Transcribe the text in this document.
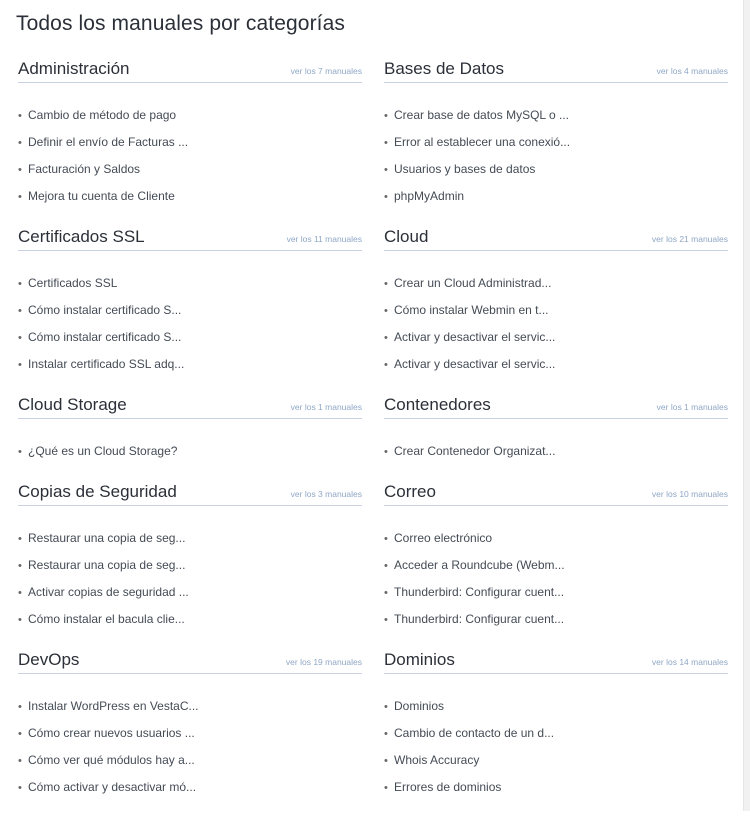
Todos los manuales por categorías
Administración	ver los 7 manuales
• Cambio de método de pago
• Definir el envío de Facturas ...
• Facturación y Saldos
• Mejora tu cuenta de Cliente
Bases de Datos	ver los 4 manuales
• Crear base de datos MySQL o ...
• Error al establecer una conexió...
• Usuarios y bases de datos
• phpMyAdmin
Certificados SSL	ver los 11 manuales
• Certificados SSL
• Cómo instalar certificado S...
• Cómo instalar certificado S...
• Instalar certificado SSL adq...
Cloud	ver los 21 manuales
• Crear un Cloud Administrad...
• Cómo instalar Webmin en t...
• Activar y desactivar el servic...
• Activar y desactivar el servic...
Cloud Storage	ver los 1 manuales
• ¿Qué es un Cloud Storage?
Contenedores	ver los 1 manuales
• Crear Contenedor Organizat...
Copias de Seguridad	ver los 3 manuales
• Restaurar una copia de seg...
• Restaurar una copia de seg...
• Activar copias de seguridad ...
• Cómo instalar el bacula clie...
Correo	ver los 10 manuales
• Correo electrónico
• Acceder a Roundcube (Webm...
• Thunderbird: Configurar cuent...
• Thunderbird: Configurar cuent...
DevOps	ver los 19 manuales
• Instalar WordPress en VestaC...
• Cómo crear nuevos usuarios ...
• Cómo ver qué módulos hay a...
• Cómo activar y desactivar mó...
Dominios	ver los 14 manuales
• Dominios
• Cambio de contacto de un d...
• Whois Accuracy
• Errores de dominios
